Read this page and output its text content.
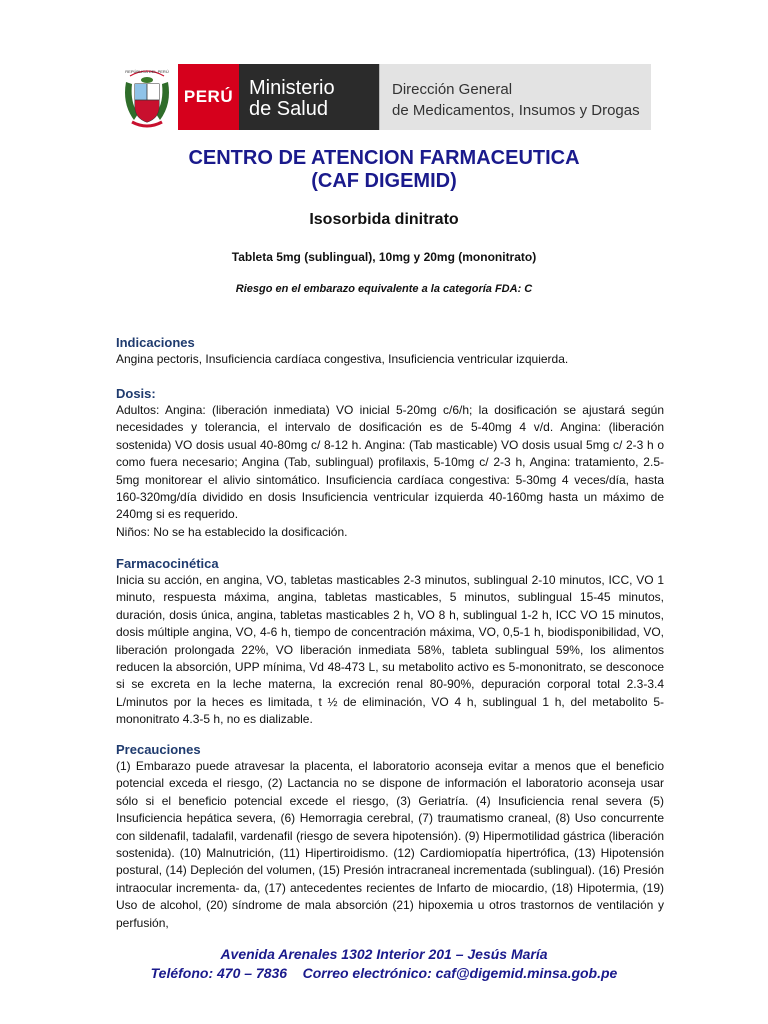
REPÚBLICA DEL PERÚ
PERÚ Ministerio
de Salud
Dirección General
de Medicamentos, Insumos y Drogas
CENTRO DE ATENCION FARMACEUTICA
(CAF DIGEMID)
Isosorbida dinitrato
Tableta 5mg (sublingual), 10mg y 20mg (mononitrato)
Riesgo en el embarazo equivalente a la categoría FDA: C
Indicaciones
Angina pectoris, Insuficiencia cardíaca congestiva, Insuficiencia ventricular izquierda.
Dosis:
Adultos: Angina: (liberación inmediata) VO inicial 5-20mg c/6/h; la dosificación se ajustará según necesidades y tolerancia, el intervalo de dosificación es de 5-40mg 4 v/d. Angina: (liberación sostenida) VO dosis usual 40-80mg c/ 8-12 h. Angina: (Tab masticable) VO dosis usual 5mg c/ 2-3 h o como fuera necesario; Angina (Tab, sublingual) profilaxis, 5-10mg c/ 2-3 h, Angina: tratamiento, 2.5-5mg monitorear el alivio sintomático. Insuficiencia cardíaca congestiva: 5-30mg 4 veces/día, hasta 160-320mg/día dividido en dosis Insuficiencia ventricular izquierda 40-160mg hasta un máximo de 240mg si es requerido.
Niños: No se ha establecido la dosificación.
Farmacocinética
Inicia su acción, en angina, VO, tabletas masticables 2-3 minutos, sublingual 2-10 minutos, ICC, VO 1 minuto, respuesta máxima, angina, tabletas masticables, 5 minutos, sublingual 15-45 minutos, duración, dosis única, angina, tabletas masticables 2 h, VO 8 h, sublingual 1-2 h, ICC VO 15 minutos, dosis múltiple angina, VO, 4-6 h, tiempo de concentración máxima, VO, 0,5-1 h, biodisponibilidad, VO, liberación prolongada 22%, VO liberación inmediata 58%, tableta sublingual 59%, los alimentos reducen la absorción, UPP mínima, Vd 48-473 L, su metabolito activo es 5-mononitrato, se desconoce si se excreta en la leche materna, la excreción renal 80-90%, depuración corporal total 2.3-3.4 L/minutos por la heces es limitada, t ½ de eliminación, VO 4 h, sublingual 1 h, del metabolito 5-mononitrato 4.3-5 h, no es dializable.
Precauciones
(1) Embarazo puede atravesar la placenta, el laboratorio aconseja evitar a menos que el beneficio potencial exceda el riesgo, (2) Lactancia no se dispone de información el laboratorio aconseja usar sólo si el beneficio potencial excede el riesgo, (3) Geriatría. (4) Insuficiencia renal severa (5) Insuficiencia hepática severa, (6) Hemorragia cerebral, (7) traumatismo craneal, (8) Uso concurrente con sildenafil, tadalafil, vardenafil (riesgo de severa hipotensión). (9) Hipermotilidad gástrica (liberación sostenida). (10) Malnutrición, (11) Hipertiroidismo. (12) Cardiomiopatía hipertrófica, (13) Hipotensión postural, (14) Depleción del volumen, (15) Presión intracraneal incrementada (sublingual). (16) Presión intraocular incrementa- da, (17) antecedentes recientes de Infarto de miocardio, (18) Hipotermia, (19) Uso de alcohol, (20) síndrome de mala absorción (21) hipoxemia u otros trastornos de ventilación y perfusión,
Avenida Arenales 1302 Interior 201 – Jesús María
Teléfono: 470 – 7836    Correo electrónico: caf@digemid.minsa.gob.pe
